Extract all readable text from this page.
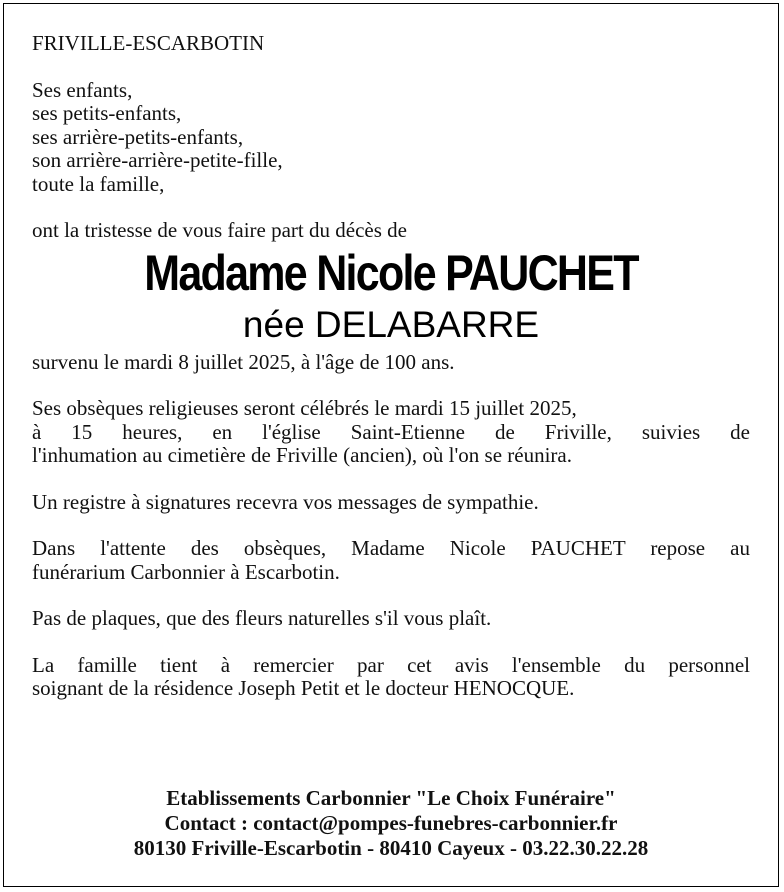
FRIVILLE-ESCARBOTIN
Ses enfants,
ses petits-enfants,
ses arrière-petits-enfants,
son arrière-arrière-petite-fille,
toute la famille,
ont la tristesse de vous faire part du décès de
Madame Nicole PAUCHET
née DELABARRE
survenu le mardi 8 juillet 2025, à l'âge de 100 ans.
Ses obsèques religieuses seront célébrés le mardi 15 juillet 2025,
à 15 heures, en l'église Saint-Etienne de Friville, suivies de
l'inhumation au cimetière de Friville (ancien), où l'on se réunira.
Un registre à signatures recevra vos messages de sympathie.
Dans l'attente des obsèques, Madame Nicole PAUCHET repose au
funérarium Carbonnier à Escarbotin.
Pas de plaques, que des fleurs naturelles s'il vous plaît.
La famille tient à remercier par cet avis l'ensemble du personnel
soignant de la résidence Joseph Petit et le docteur HENOCQUE.
Etablissements Carbonnier "Le Choix Funéraire"
Contact : contact@pompes-funebres-carbonnier.fr
80130 Friville-Escarbotin - 80410 Cayeux - 03.22.30.22.28
